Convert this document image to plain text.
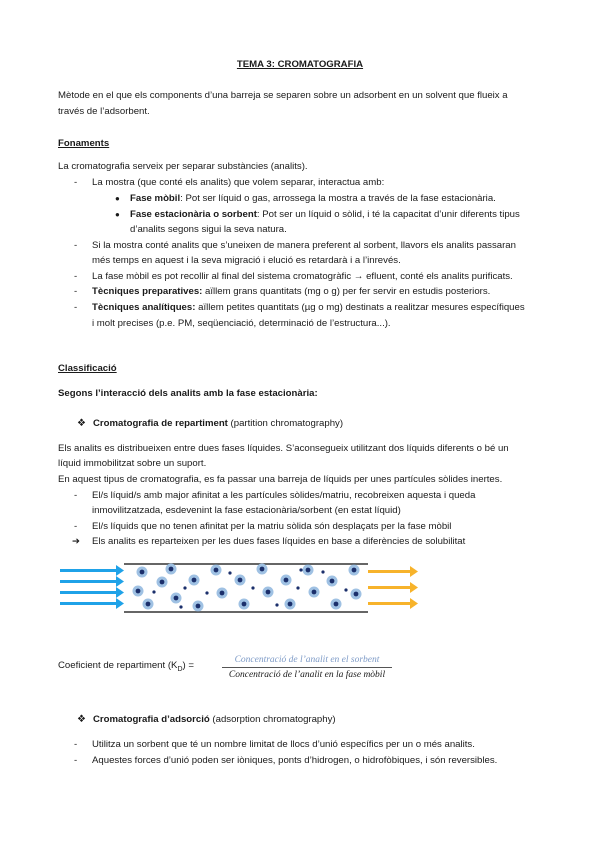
TEMA 3: CROMATOGRAFIA
Mètode en el que els components d’una barreja se separen sobre un adsorbent en un solvent que flueix a
través de l’adsorbent.
Fonaments
La cromatografia serveix per separar substàncies (analits).
-	La mostra (que conté els analits) que volem separar, interactua amb:
● Fase mòbil: Pot ser líquid o gas, arrossega la mostra a través de la fase estacionària.
● Fase estacionària o sorbent: Pot ser un líquid o sòlid, i té la capacitat d’unir diferents tipus
d’analits segons sigui la seva natura.
-	Si la mostra conté analits que s’uneixen de manera preferent al sorbent, llavors els analits passaran
més temps en aquest i la seva migració i elució es retardarà i a l’inrevés.
-	La fase mòbil es pot recollir al final del sistema cromatogràfic → efluent, conté els analits purificats.
-	Tècniques preparatives: aïllem grans quantitats (mg o g) per fer servir en estudis posteriors.
-	Tècniques analítiques: aïllem petites quantitats (µg o mg) destinats a realitzar mesures específiques
i molt precises (p.e. PM, seqüenciació, determinació de l’estructura...).
Classificació
Segons l’interacció dels analits amb la fase estacionària:
❖ Cromatografia de repartiment (partition chromatography)
Els analits es distribueixen entre dues fases líquides. S’aconsegueix utilitzant dos líquids diferents o bé un
líquid immobilitzat sobre un suport.
En aquest tipus de cromatografia, es fa passar una barreja de líquids per unes partícules sòlides inertes.
-	El/s líquid/s amb major afinitat a les partícules sòlides/matriu, recobreixen aquesta i queda
inmovilitzatzada, esdevenint la fase estacionària/sorbent (en estat líquid)
-	El/s líquids que no tenen afinitat per la matriu sòlida són desplaçats per la fase mòbil
➔ Els analits es reparteixen per les dues fases líquides en base a diferències de solubilitat
Coeficient de repartiment $(K_D)$ =	Concentració de l’analit en el sorbent
Concentració de l’analit en la fase mòbil
❖ Cromatografia d’adsorció (adsorption chromatography)
-	Utilitza un sorbent que té un nombre limitat de llocs d’unió específics per un o més analits.
-	Aquestes forces d’unió poden ser iòniques, ponts d’hidrogen, o hidrofòbiques, i són reversibles.
